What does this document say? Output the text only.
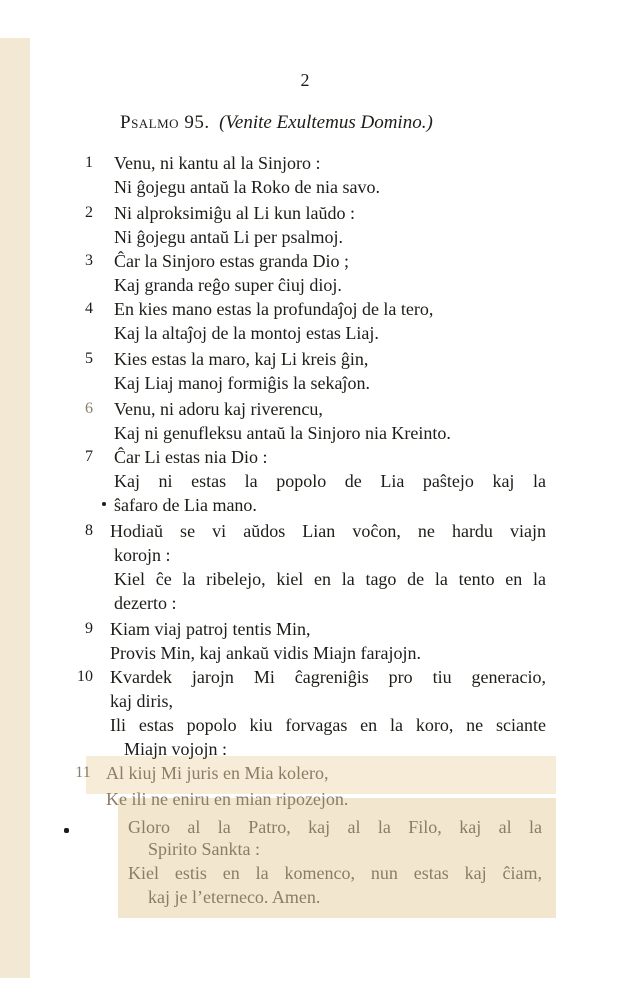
2
Psalmo 95. (Venite Exultemus Domino.)
1	Venu, ni kantu al la Sinjoro :
Ni ĝojegu antaŭ la Roko de nia savo.
2	Ni alproksimiĝu al Li kun laŭdo :
Ni ĝojegu antaŭ Li per psalmoj.
3	Ĉar la Sinjoro estas granda Dio ;
Kaj granda reĝo super ĉiuj dioj.
4	En kies mano estas la profundaĵoj de la tero,
Kaj la altaĵoj de la montoj estas Liaj.
5	Kies estas la maro, kaj Li kreis ĝin,
Kaj Liaj manoj formiĝis la sekaĵon.
6	Venu, ni adoru kaj riverencu,
Kaj ni genufleksu antaŭ la Sinjoro nia Kreinto.
7	Ĉar Li estas nia Dio :
Kaj ni estas la popolo de Lia paŝtejo kaj la
ŝafaro de Lia mano.
8 Hodiaŭ se vi aŭdos Lian voĉon, ne hardu viajn
korojn :
Kiel ĉe la ribelejo, kiel en la tago de la tento en la
dezerto :
9 Kiam viaj patroj tentis Min,
Provis Min, kaj ankaŭ vidis Miajn farajojn.
10 Kvardek jarojn Mi ĉagreniĝis pro tiu generacio,
kaj diris,
Ili estas popolo kiu forvagas en la koro, ne sciante
Miajn vojojn :
11 Al kiuj Mi juris en Mia kolero,
Ke ili ne eniru en mian ripozejon.
Gloro al la Patro, kaj al la Filo, kaj al la
Spirito Sankta :
Kiel estis en la komenco, nun estas kaj ĉiam,
kaj je l’eterneco. Amen.
